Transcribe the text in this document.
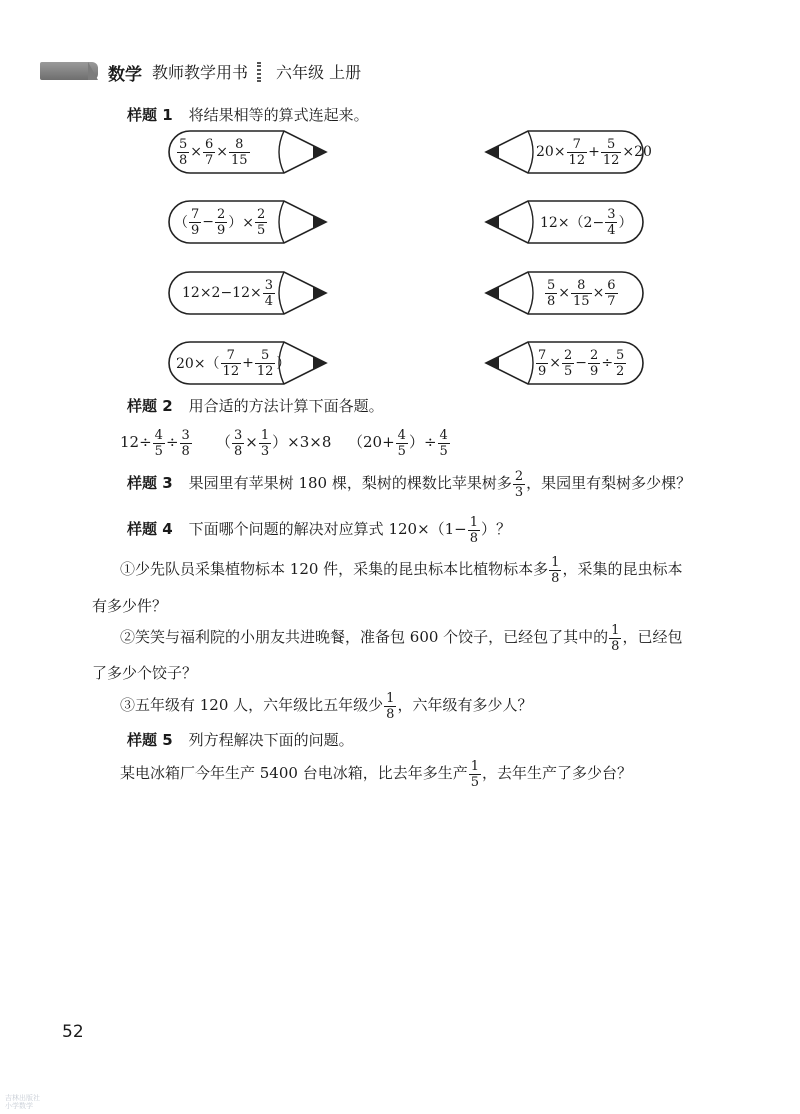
数学 教师教学用书 六年级 上册
样题 1 将结果相等的算式连起来。
$\frac{5}{8} \times \frac{6}{7} \times \frac{8}{15}$
（ $\frac{7}{9} - \frac{2}{9}$ ）× $\frac{2}{5}$
$12\times 2-12\times \frac{3}{4}$
$20\times( \frac{7}{12} + \frac{5}{12}$ ）
$20\times \frac{7}{12} + \frac{5}{12} \times 20$
$12\times(2- \frac{3}{4}$ ）
$\frac{5}{8} \times \frac{8}{15} \times \frac{6}{7}$
$\frac{7}{9} \times \frac{2}{5} - \frac{2}{9} \div \frac{5}{2}$
样题 2 用合适的方法计算下面各题。
$12\div \frac{4}{5} \div \frac{3}{8}$ （ $\frac{3}{8} \times \frac{1}{3} )\times 3\times 8$ （$20+ \frac{4}{5}$ ）÷ $\frac{4}{5}$
样题 3 果园里有苹果树 180 棵，梨树的棵数比苹果树多 $\frac{2}{3}$ ，果园里有梨树多少棵？
样题 4 下面哪个问题的解决对应算式 $120\times(1- \frac{1}{8}$ ）？
①少先队员采集植物标本 120 件，采集的昆虫标本比植物标本多 $\frac{1}{8}$ ，采集的昆虫标本
有多少件？
②笑笑与福利院的小朋友共进晚餐，准备包 600 个饺子，已经包了其中的 $\frac{1}{8}$ ，已经包
了多少个饺子？
③五年级有 120 人，六年级比五年级少 $\frac{1}{8}$ ，六年级有多少人？
样题 5 列方程解决下面的问题。
某电冰箱厂今年生产 5400 台电冰箱，比去年多生产 $\frac{1}{5}$ ，去年生产了多少台？
52
吉林出版社
小学数学
